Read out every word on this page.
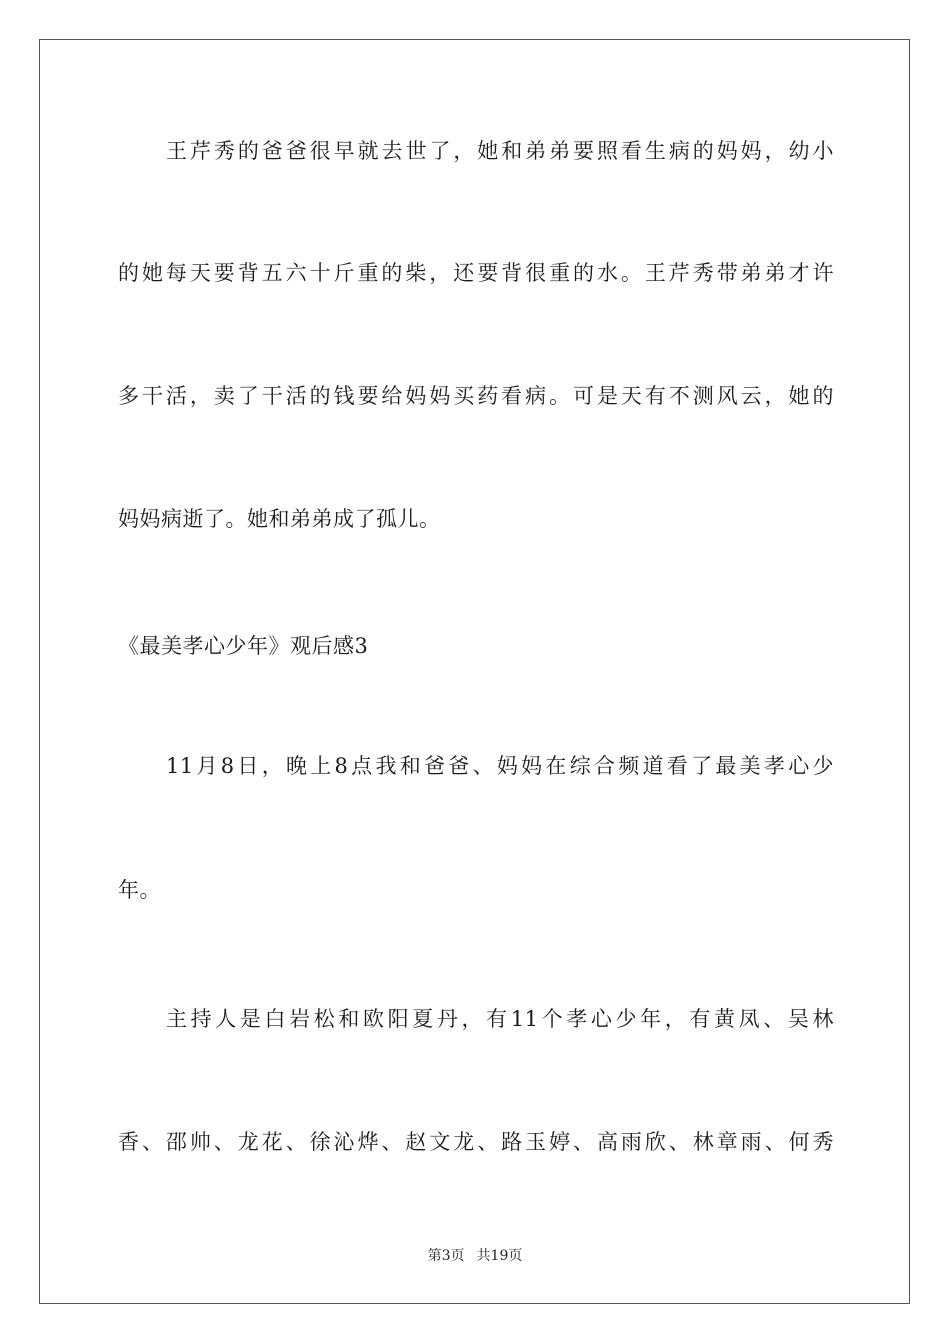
王芹秀的爸爸很早就去世了，她和弟弟要照看生病的妈妈，幼小
的她每天要背五六十斤重的柴，还要背很重的水。王芹秀带弟弟才许
多干活，卖了干活的钱要给妈妈买药看病。可是天有不测风云，她的
妈妈病逝了。她和弟弟成了孤儿。
《最美孝心少年》观后感3
11月8日，晚上8点我和爸爸、妈妈在综合频道看了最美孝心少
年。
主持人是白岩松和欧阳夏丹，有11个孝心少年，有黄凤、吴林
香、邵帅、龙花、徐沁烨、赵文龙、路玉婷、高雨欣、林章雨、何秀
第3页 共19页
